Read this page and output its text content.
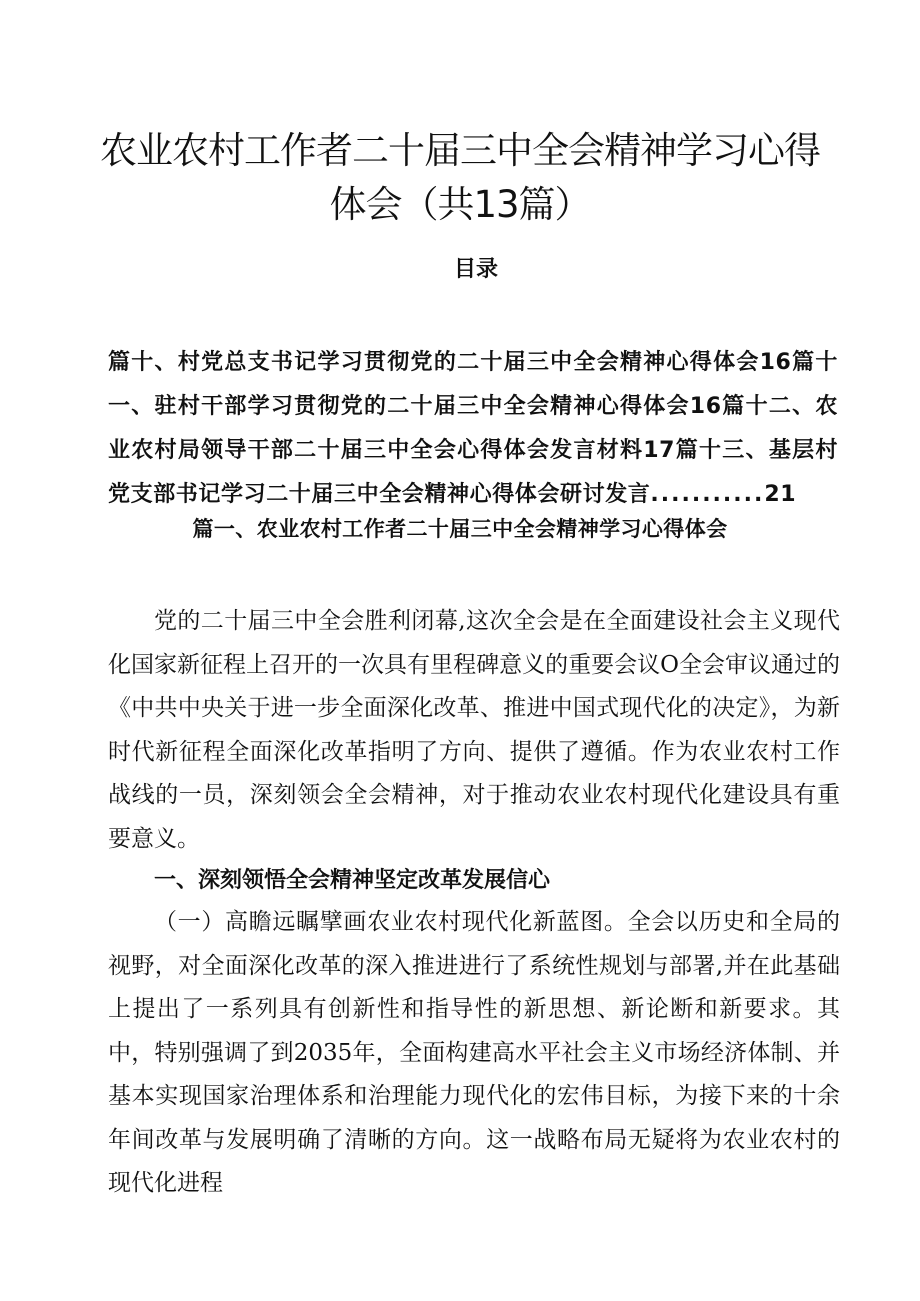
农业农村工作者二十届三中全会精神学习心得
体会（共13篇）
目录
篇十、村党总支书记学习贯彻党的二十届三中全会精神心得体会16篇十一、驻村干部学习贯彻党的二十届三中全会精神心得体会16篇十二、农业农村局领导干部二十届三中全会心得体会发言材料17篇十三、基层村党支部书记学习二十届三中全会精神心得体会研讨发言...........21
篇一、农业农村工作者二十届三中全会精神学习心得体会

党的二十届三中全会胜利闭幕,这次全会是在全面建设社会主义现代化国家新征程上召开的一次具有里程碑意义的重要会议O全会审议通过的《中共中央关于进一步全面深化改革、推进中国式现代化的决定》，为新时代新征程全面深化改革指明了方向、提供了遵循。作为农业农村工作战线的一员，深刻领会全会精神，对于推动农业农村现代化建设具有重要意义。

一、深刻领悟全会精神坚定改革发展信心

（一）高瞻远瞩擘画农业农村现代化新蓝图。全会以历史和全局的视野，对全面深化改革的深入推进进行了系统性规划与部署,并在此基础上提出了一系列具有创新性和指导性的新思想、新论断和新要求。其中，特别强调了到2035年，全面构建高水平社会主义市场经济体制、并基本实现国家治理体系和治理能力现代化的宏伟目标，为接下来的十余年间改革与发展明确了清晰的方向。这一战略布局无疑将为农业农村的现代化进程
